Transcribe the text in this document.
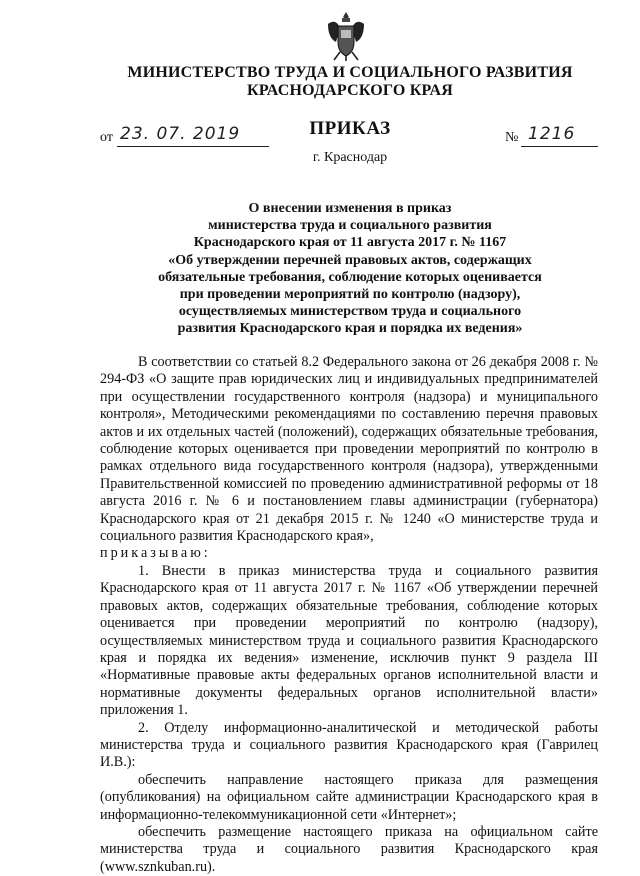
МИНИСТЕРСТВО ТРУДА И СОЦИАЛЬНОГО РАЗВИТИЯ
КРАСНОДАРСКОГО КРАЯ
ПРИКАЗ
от 23. 07. 2019	№ 1216
г. Краснодар
О внесении изменения в приказ
министерства труда и социального развития
Краснодарского края от 11 августа 2017 г. № 1167
«Об утверждении перечней правовых актов, содержащих
обязательные требования, соблюдение которых оценивается
при проведении мероприятий по контролю (надзору),
осуществляемых министерством труда и социального
развития Краснодарского края и порядка их ведения»

В соответствии со статьей 8.2 Федерального закона от 26 декабря 2008 г. № 294-ФЗ «О защите прав юридических лиц и индивидуальных предпринимателей при осуществлении государственного контроля (надзора) и муниципального контроля», Методическими рекомендациями по составлению перечня правовых актов и их отдельных частей (положений), содержащих обязательные требования, соблюдение которых оценивается при проведении мероприятий по контролю в рамках отдельного вида государственного контроля (надзора), утвержденными Правительственной комиссией по проведению административной реформы от 18 августа 2016 г. № 6 и постановлением главы администрации (губернатора) Краснодарского края от 21 декабря 2015 г. № 1240 «О министерстве труда и социального развития Краснодарского края»,

приказываю:

1. Внести в приказ министерства труда и социального развития Краснодарского края от 11 августа 2017 г. № 1167 «Об утверждении перечней правовых актов, содержащих обязательные требования, соблюдение которых оценивается при проведении мероприятий по контролю (надзору), осуществляемых министерством труда и социального развития Краснодарского края и порядка их ведения» изменение, исключив пункт 9 раздела III «Нормативные правовые акты федеральных органов исполнительной власти и нормативные документы федеральных органов исполнительной власти» приложения 1.

2. Отделу информационно-аналитической и методической работы министерства труда и социального развития Краснодарского края (Гаврилец И.В.):

обеспечить направление настоящего приказа для размещения (опубликования) на официальном сайте администрации Краснодарского края в информационно-телекоммуникационной сети «Интернет»;

обеспечить размещение настоящего приказа на официальном сайте министерства труда и социального развития Краснодарского края (www.sznkuban.ru).
